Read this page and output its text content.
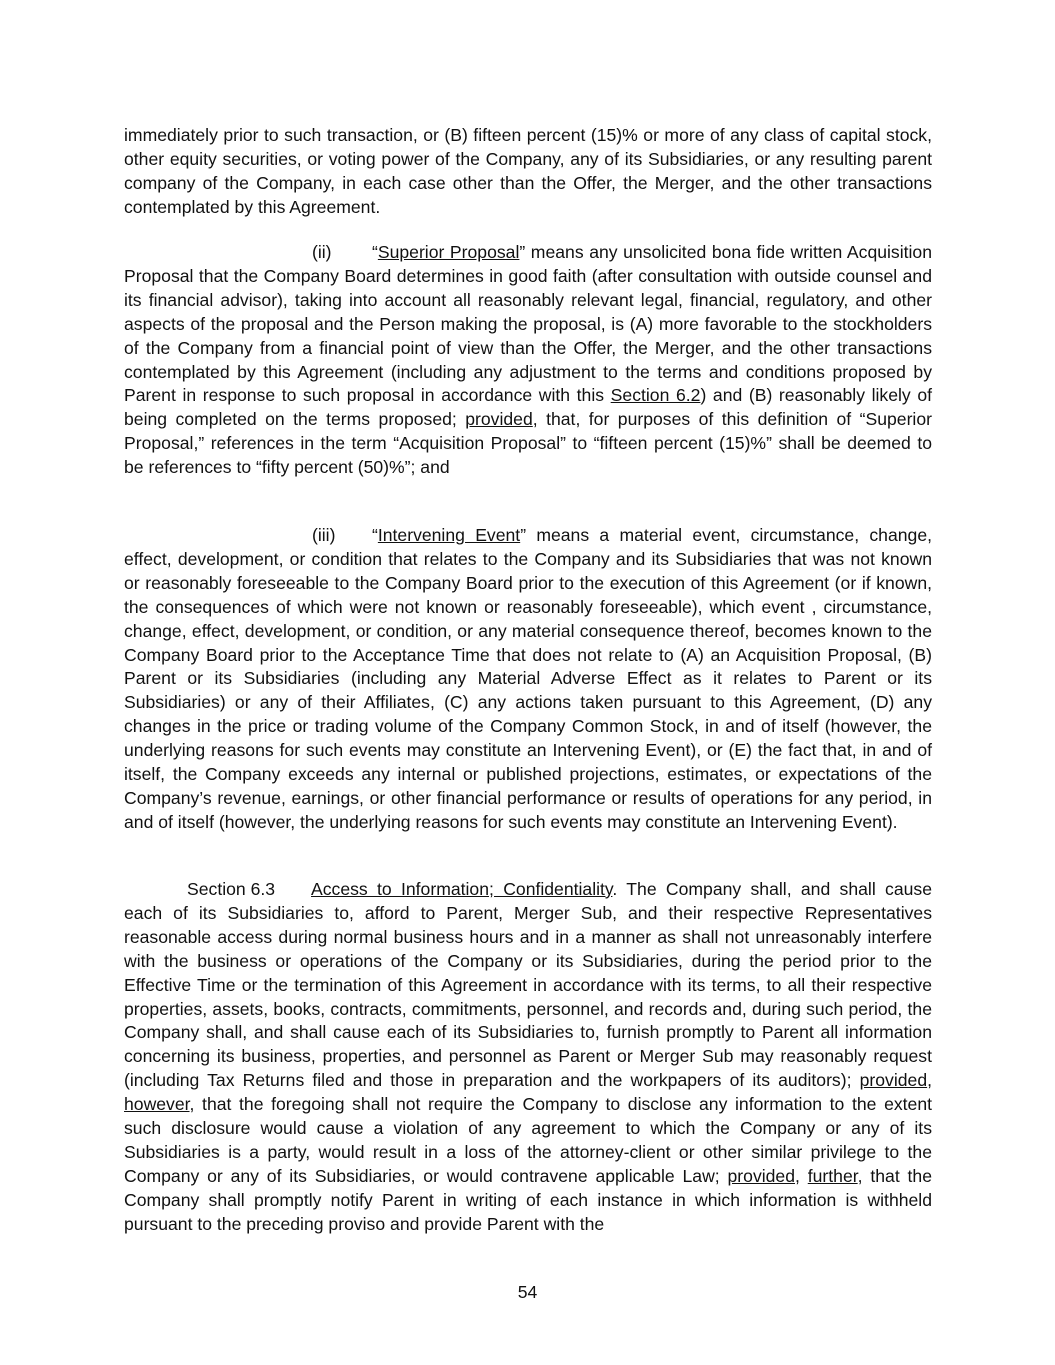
immediately prior to such transaction, or (B) fifteen percent (15)% or more of any class of capital stock, other equity securities, or voting power of the Company, any of its Subsidiaries, or any resulting parent company of the Company, in each case other than the Offer, the Merger, and the other transactions contemplated by this Agreement.

(ii) “Superior Proposal” means any unsolicited bona fide written Acquisition Proposal that the Company Board determines in good faith (after consultation with outside counsel and its financial advisor), taking into account all reasonably relevant legal, financial, regulatory, and other aspects of the proposal and the Person making the proposal, is (A) more favorable to the stockholders of the Company from a financial point of view than the Offer, the Merger, and the other transactions contemplated by this Agreement (including any adjustment to the terms and conditions proposed by Parent in response to such proposal in accordance with this Section 6.2) and (B) reasonably likely of being completed on the terms proposed; provided, that, for purposes of this definition of “Superior Proposal,” references in the term “Acquisition Proposal” to “fifteen percent (15)%” shall be deemed to be references to “fifty percent (50)%”; and

(iii) “Intervening Event” means a material event, circumstance, change, effect, development, or condition that relates to the Company and its Subsidiaries that was not known or reasonably foreseeable to the Company Board prior to the execution of this Agreement (or if known, the consequences of which were not known or reasonably foreseeable), which event , circumstance, change, effect, development, or condition, or any material consequence thereof, becomes known to the Company Board prior to the Acceptance Time that does not relate to (A) an Acquisition Proposal, (B) Parent or its Subsidiaries (including any Material Adverse Effect as it relates to Parent or its Subsidiaries) or any of their Affiliates, (C) any actions taken pursuant to this Agreement, (D) any changes in the price or trading volume of the Company Common Stock, in and of itself (however, the underlying reasons for such events may constitute an Intervening Event), or (E) the fact that, in and of itself, the Company exceeds any internal or published projections, estimates, or expectations of the Company’s revenue, earnings, or other financial performance or results of operations for any period, in and of itself (however, the underlying reasons for such events may constitute an Intervening Event).

Section 6.3 Access to Information; Confidentiality. The Company shall, and shall cause each of its Subsidiaries to, afford to Parent, Merger Sub, and their respective Representatives reasonable access during normal business hours and in a manner as shall not unreasonably interfere with the business or operations of the Company or its Subsidiaries, during the period prior to the Effective Time or the termination of this Agreement in accordance with its terms, to all their respective properties, assets, books, contracts, commitments, personnel, and records and, during such period, the Company shall, and shall cause each of its Subsidiaries to, furnish promptly to Parent all information concerning its business, properties, and personnel as Parent or Merger Sub may reasonably request (including Tax Returns filed and those in preparation and the workpapers of its auditors); provided, however, that the foregoing shall not require the Company to disclose any information to the extent such disclosure would cause a violation of any agreement to which the Company or any of its Subsidiaries is a party, would result in a loss of the attorney-client or other similar privilege to the Company or any of its Subsidiaries, or would contravene applicable Law; provided, further, that the Company shall promptly notify Parent in writing of each instance in which information is withheld pursuant to the preceding proviso and provide Parent with the

54
